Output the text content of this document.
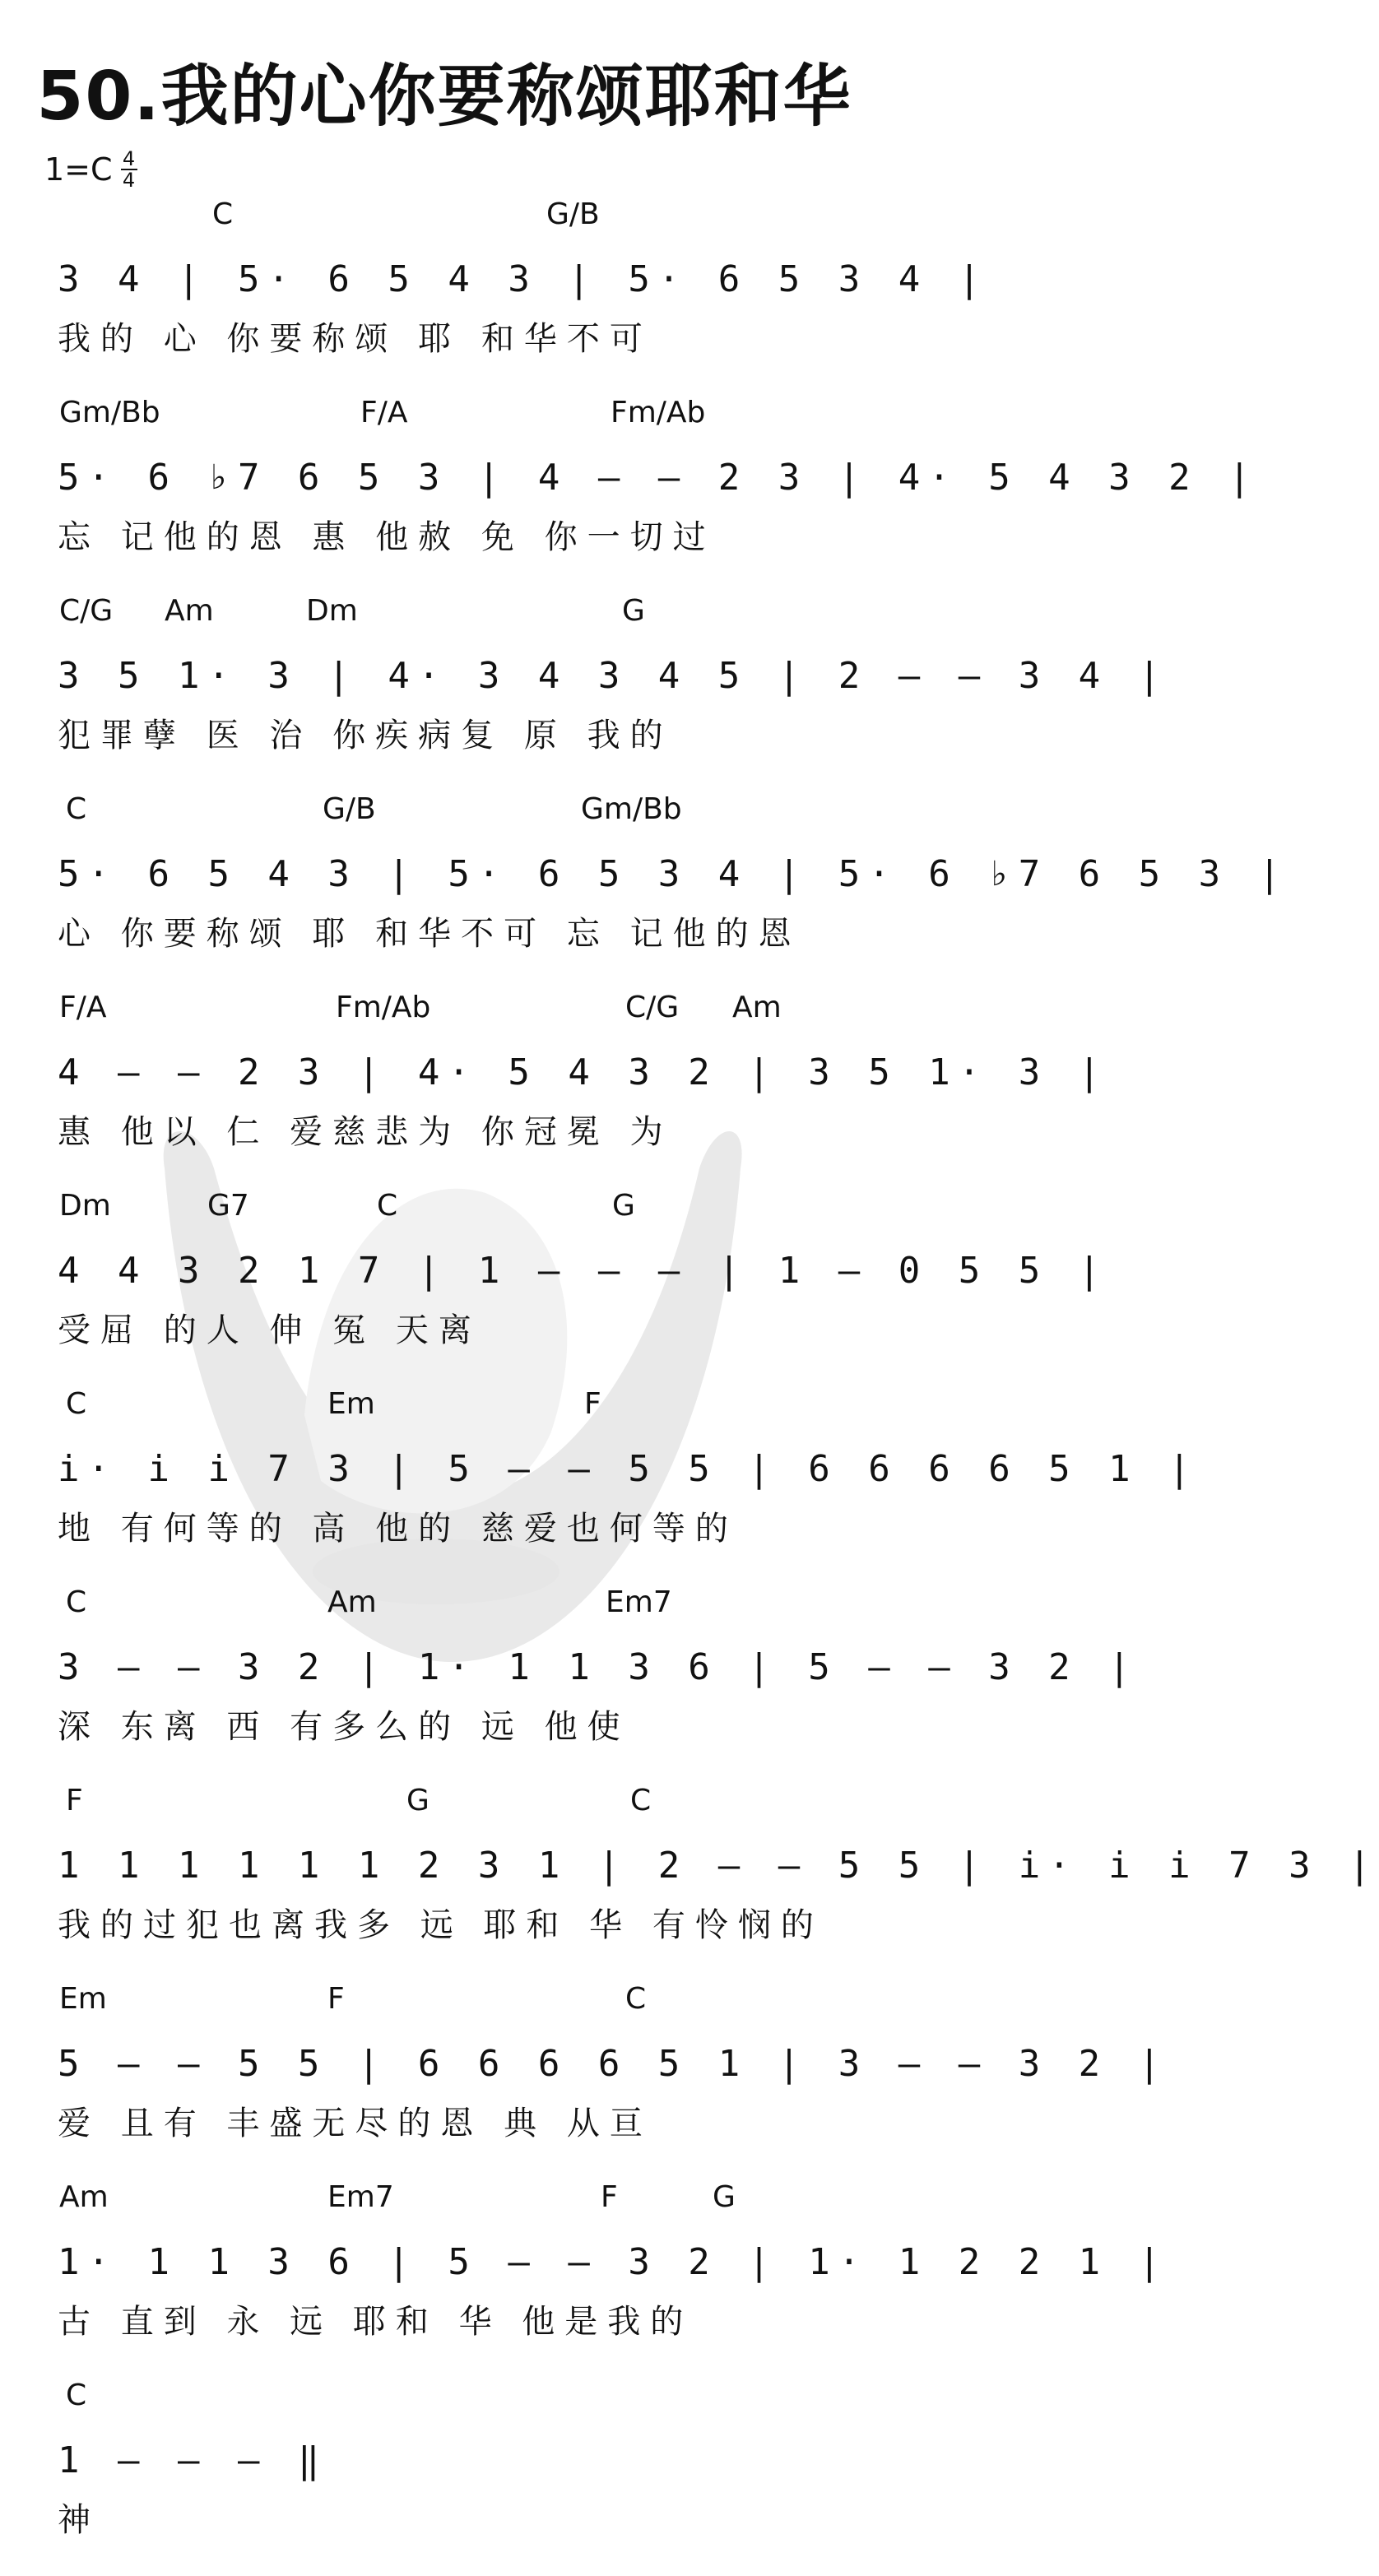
50.我的心你要称颂耶和华
$1=C \frac{4}{4}$
C	G/B
3 4 | 5· 6 5 4 3 | 5· 6 5 3 4 |
我的 心 你要称颂 耶 和华不可
Gm/Bb	F/A	Fm/Ab
5· 6 ♭7 6 5 3 | 4 — — 2 3 | 4· 5 4 3 2 |
忘 记他的恩 惠 他赦 免 你一切过
C/G Am	Dm	G
3 5 1· 3 | 4· 3 4 3 4 5 | 2 — — 3 4 |
犯罪孽 医 治 你疾病复 原 我的
C	G/B	Gm/Bb
5· 6 5 4 3 | 5· 6 5 3 4 | 5· 6 ♭7 6 5 3 |
心 你要称颂 耶 和华不可 忘 记他的恩
F/A	Fm/Ab	C/G Am
4 — — 2 3 | 4· 5 4 3 2 | 3 5 1· 3 |
惠 他以 仁 爱慈悲为 你冠冕 为
Dm	G7	C	G
4 4 3 2 1 7 | 1 — — — | 1 — 0 5 5 |
受屈 的人 伸 冤 天离
C	Em	F
i· i i 7 3 | 5 — — 5 5 | 6 6 6 6 5 1 |
地 有何等的 高 他的 慈爱也何等的
C	Am	Em7
3 — — 3 2 | 1· 1 1 3 6 | 5 — — 3 2 |
深 东离 西 有多么的 远 他使
F	G	C
1 1 1 1 1 1 2 3 1 | 2 — — 5 5 | i· i i 7 3 |
我的过犯也离我多 远 耶和 华 有怜悯的
Em	F	C
5 — — 5 5 | 6 6 6 6 5 1 | 3 — — 3 2 |
爱 且有 丰盛无尽的恩 典 从亘
Am	Em7	F	G
1· 1 1 3 6 | 5 — — 3 2 | 1· 1 2 2 1 |
古 直到 永 远 耶和 华 他是我的
C
1 — — — ‖
神
